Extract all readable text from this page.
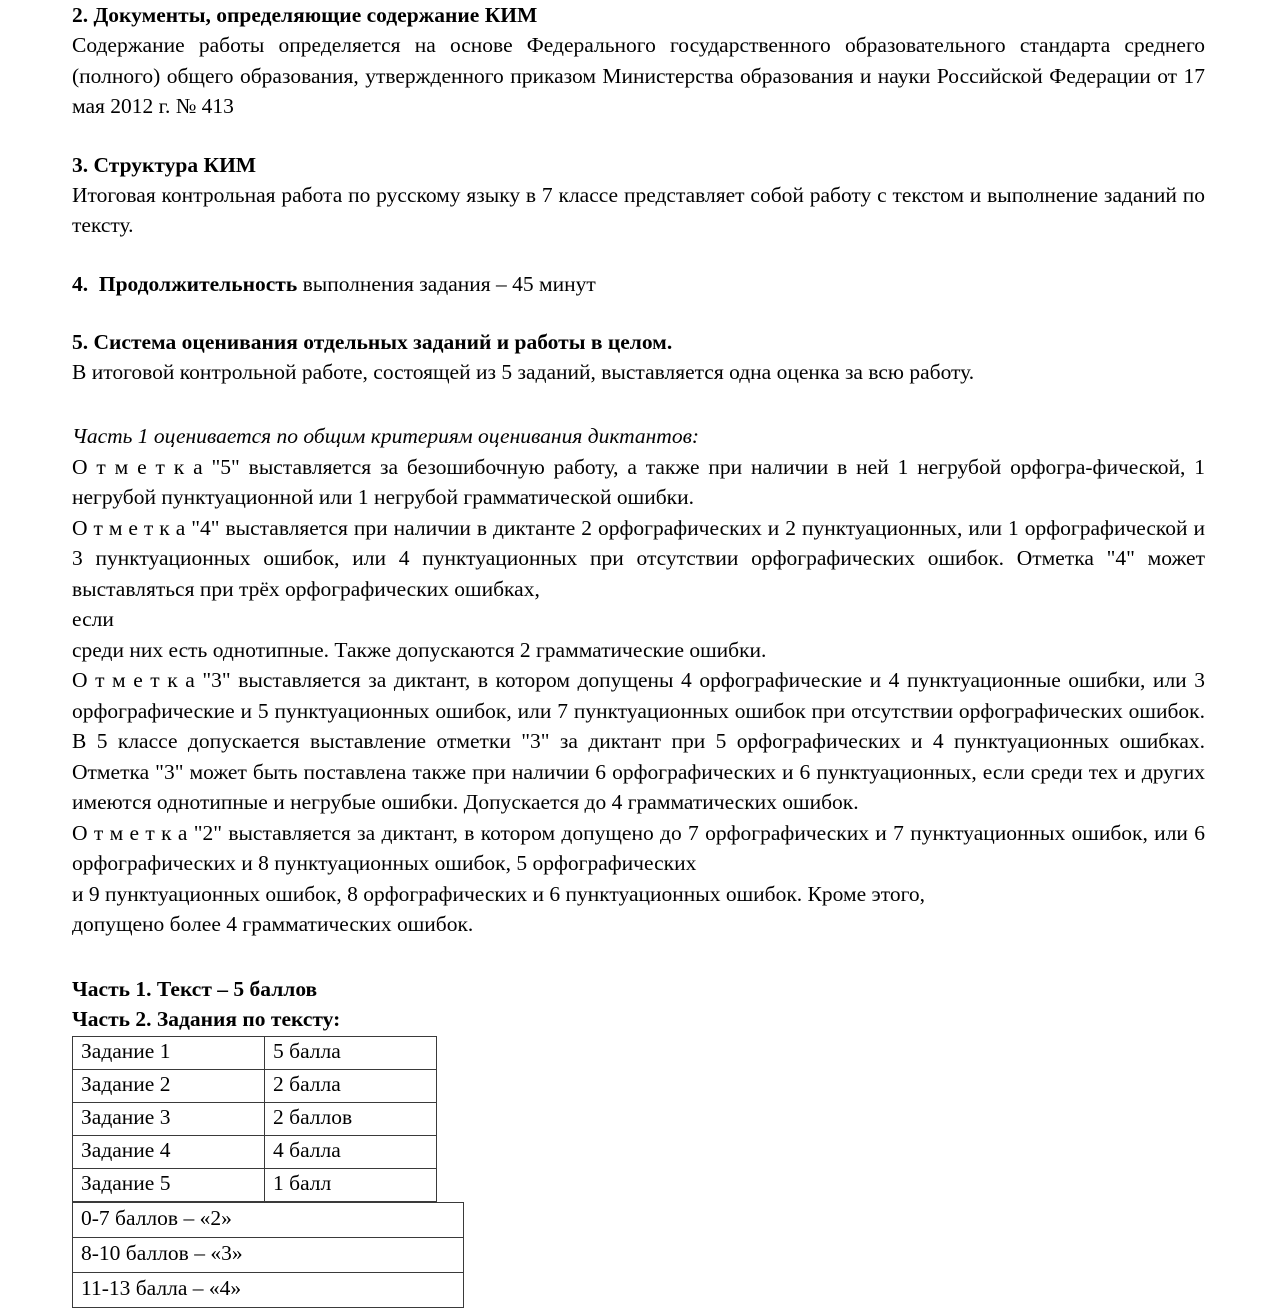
2. Документы, определяющие содержание КИМ

Содержание работы определяется на основе Федерального государственного образовательного стандарта среднего (полного) общего образования, утвержденного приказом Министерства образования и науки Российской Федерации от 17 мая 2012 г. № 413

3. Структура КИМ

Итоговая контрольная работа по русскому языку в 7 классе представляет собой работу с текстом и выполнение заданий по тексту.

4. Продолжительность выполнения задания – 45 минут

5. Система оценивания отдельных заданий и работы в целом.

В итоговой контрольной работе, состоящей из 5 заданий, выставляется одна оценка за всю работу.

Часть 1 оценивается по общим критериям оценивания диктантов:

О т м е т к а "5" выставляется за безошибочную работу, а также при наличии в ней 1 негрубой орфогра-фической, 1 негрубой пунктуационной или 1 негрубой грамматической ошибки.

О т м е т к а "4" выставляется при наличии в диктанте 2 орфографических и 2 пунктуационных, или 1 орфографической и 3 пунктуационных ошибок, или 4 пунктуационных при отсутствии орфографических ошибок. Отметка "4" может выставляться при трёх орфографических ошибках,

если

среди них есть однотипные. Также допускаются 2 грамматические ошибки.

О т м е т к а "3" выставляется за диктант, в котором допущены 4 орфографические и 4 пунктуационные ошибки, или 3 орфографические и 5 пунктуационных ошибок, или 7 пунктуационных ошибок при отсутствии орфографических ошибок. В 5 классе допускается выставление отметки "3" за диктант при 5 орфографических и 4 пунктуационных ошибках. Отметка "3" может быть поставлена также при наличии 6 орфографических и 6 пунктуационных, если среди тех и других имеются однотипные и негрубые ошибки. Допускается до 4 грамматических ошибок.

О т м е т к а "2" выставляется за диктант, в котором допущено до 7 орфографических и 7 пунктуационных ошибок, или 6 орфографических и 8 пунктуационных ошибок, 5 орфографических

и 9 пунктуационных ошибок, 8 орфографических и 6 пунктуационных ошибок. Кроме этого,

допущено более 4 грамматических ошибок.

Часть 1. Текст – 5 баллов
Часть 2. Задания по тексту:
Задание 1	5 балла
Задание 2	2 балла
Задание 3	2 баллов
Задание 4	4 балла
Задание 5	1 балл
0-7 баллов – «2»
8-10 баллов – «3»
11-13 балла – «4»
